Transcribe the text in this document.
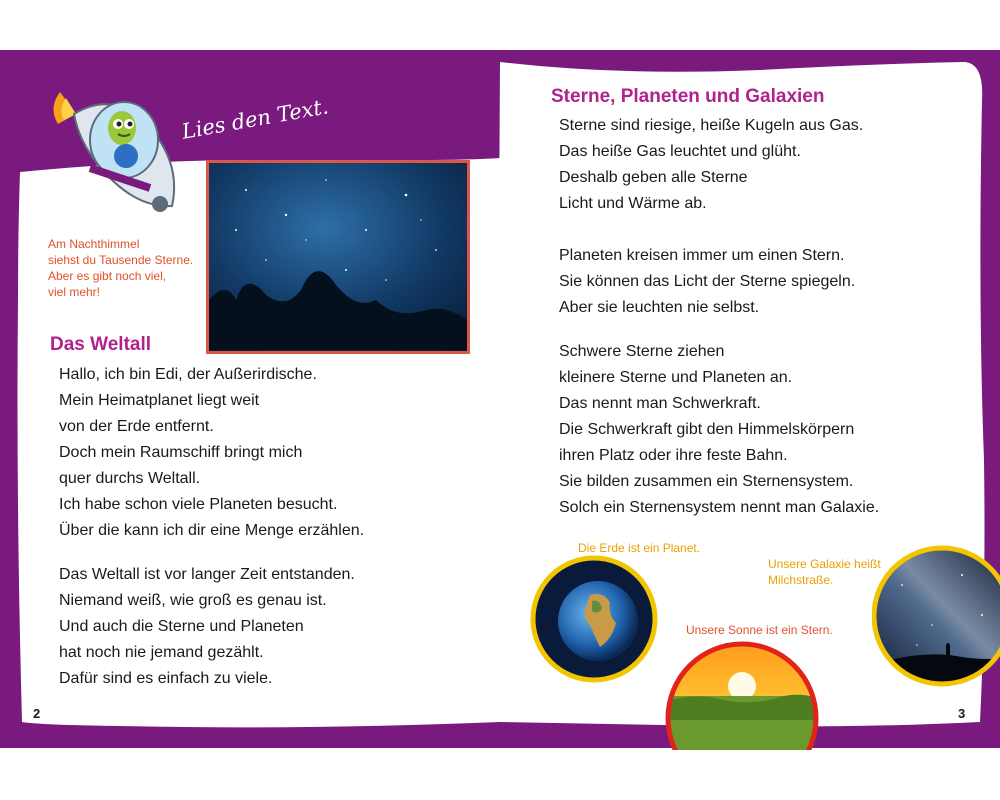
Lies den Text.

Am Nachthimmel

siehst du Tausende Sterne.

Aber es gibt noch viel,

viel mehr!

Das Weltall
Hallo, ich bin Edi, der Außerirdische.
Mein Heimatplanet liegt weit
von der Erde entfernt.
Doch mein Raumschiff bringt mich
quer durchs Weltall.
Ich habe schon viele Planeten besucht.
Über die kann ich dir eine Menge erzählen.
Das Weltall ist vor langer Zeit entstanden.
Niemand weiß, wie groß es genau ist.
Und auch die Sterne und Planeten
hat noch nie jemand gezählt.
Dafür sind es einfach zu viele.

2

Sterne, Planeten und Galaxien
Sterne sind riesige, heiße Kugeln aus Gas.
Das heiße Gas leuchtet und glüht.
Deshalb geben alle Sterne
Licht und Wärme ab.
Planeten kreisen immer um einen Stern.
Sie können das Licht der Sterne spiegeln.
Aber sie leuchten nie selbst.
Schwere Sterne ziehen
kleinere Sterne und Planeten an.
Das nennt man Schwerkraft.
Die Schwerkraft gibt den Himmelskörpern
ihren Platz oder ihre feste Bahn.
Sie bilden zusammen ein Sternensystem.
Solch ein Sternensystem nennt man Galaxie.

Die Erde ist ein Planet.

Unsere Galaxie heißt

Milchstraße.

Unsere Sonne ist ein Stern.

3
